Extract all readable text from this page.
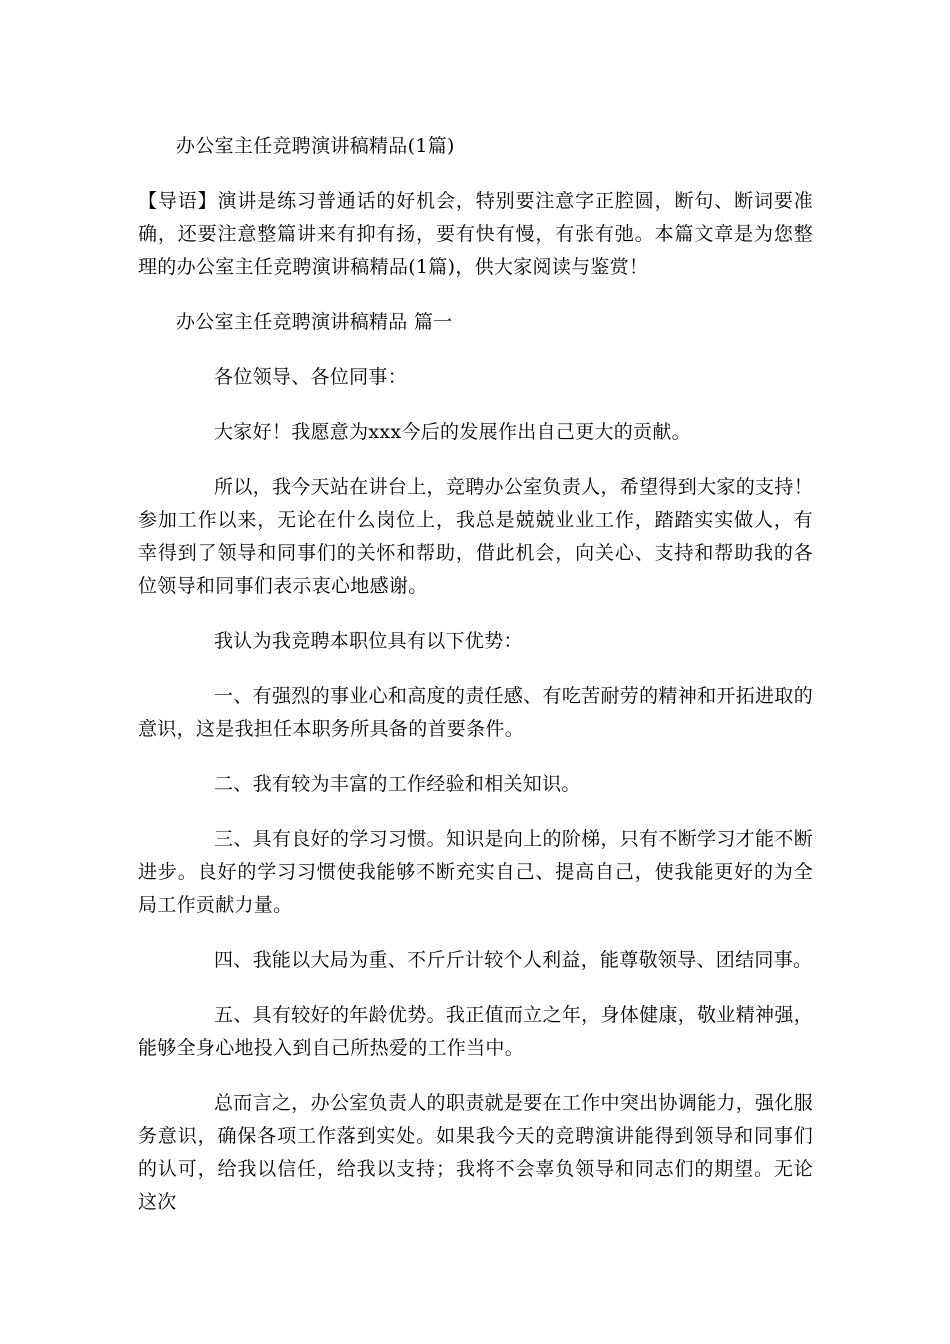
办公室主任竞聘演讲稿精品(1篇)

【导语】演讲是练习普通话的好机会，特别要注意字正腔圆，断句、断词要准确，还要注意整篇讲来有抑有扬，要有快有慢，有张有弛。本篇文章是为您整理的办公室主任竞聘演讲稿精品(1篇)，供大家阅读与鉴赏！

办公室主任竞聘演讲稿精品 篇一

各位领导、各位同事：

大家好！我愿意为xxx今后的发展作出自己更大的贡献。

所以，我今天站在讲台上，竞聘办公室负责人，希望得到大家的支持！参加工作以来，无论在什么岗位上，我总是兢兢业业工作，踏踏实实做人，有幸得到了领导和同事们的关怀和帮助，借此机会，向关心、支持和帮助我的各位领导和同事们表示衷心地感谢。

我认为我竞聘本职位具有以下优势：

一、有强烈的事业心和高度的责任感、有吃苦耐劳的精神和开拓进取的意识，这是我担任本职务所具备的首要条件。

二、我有较为丰富的工作经验和相关知识。

三、具有良好的学习习惯。知识是向上的阶梯，只有不断学习才能不断进步。良好的学习习惯使我能够不断充实自己、提高自己，使我能更好的为全局工作贡献力量。

四、我能以大局为重、不斤斤计较个人利益，能尊敬领导、团结同事。

五、具有较好的年龄优势。我正值而立之年，身体健康，敬业精神强，能够全身心地投入到自己所热爱的工作当中。

总而言之，办公室负责人的职责就是要在工作中突出协调能力，强化服务意识，确保各项工作落到实处。如果我今天的竞聘演讲能得到领导和同事们的认可，给我以信任，给我以支持；我将不会辜负领导和同志们的期望。无论这次
